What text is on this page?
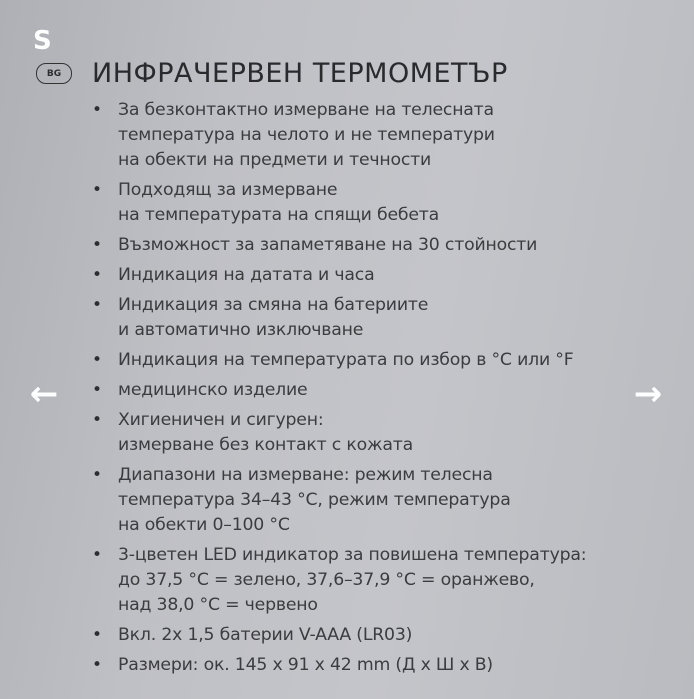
S
BG	ИНФРАЧЕРВЕН ТЕРМОМЕТЪР
• За безконтактно измерване на телесната
температура на челото и не температури
на обекти на предмети и течности
• Подходящ за измерване
на температурата на спящи бебета
• Възможност за запаметяване на 30 стойности
• Индикация на датата и часа
• Индикация за смяна на батериите
и автоматично изключване
• Индикация на температурата по избор в °C или °F
• медицинско изделие
• Хигиеничен и сигурен:
измерване без контакт с кожата
• Диапазони на измерване: режим телесна
температура 34–43 °C, режим температура
на обекти 0–100 °C
• 3-цветен LED индикатор за повишена температура:
до 37,5 °C = зелено, 37,6–37,9 °C = оранжево,
над 38,0 °C = червено
• Вкл. 2x 1,5 батерии V-AAA (LR03)
• Размери: ок. 145 x 91 x 42 mm (Д x Ш x В)
←	→
